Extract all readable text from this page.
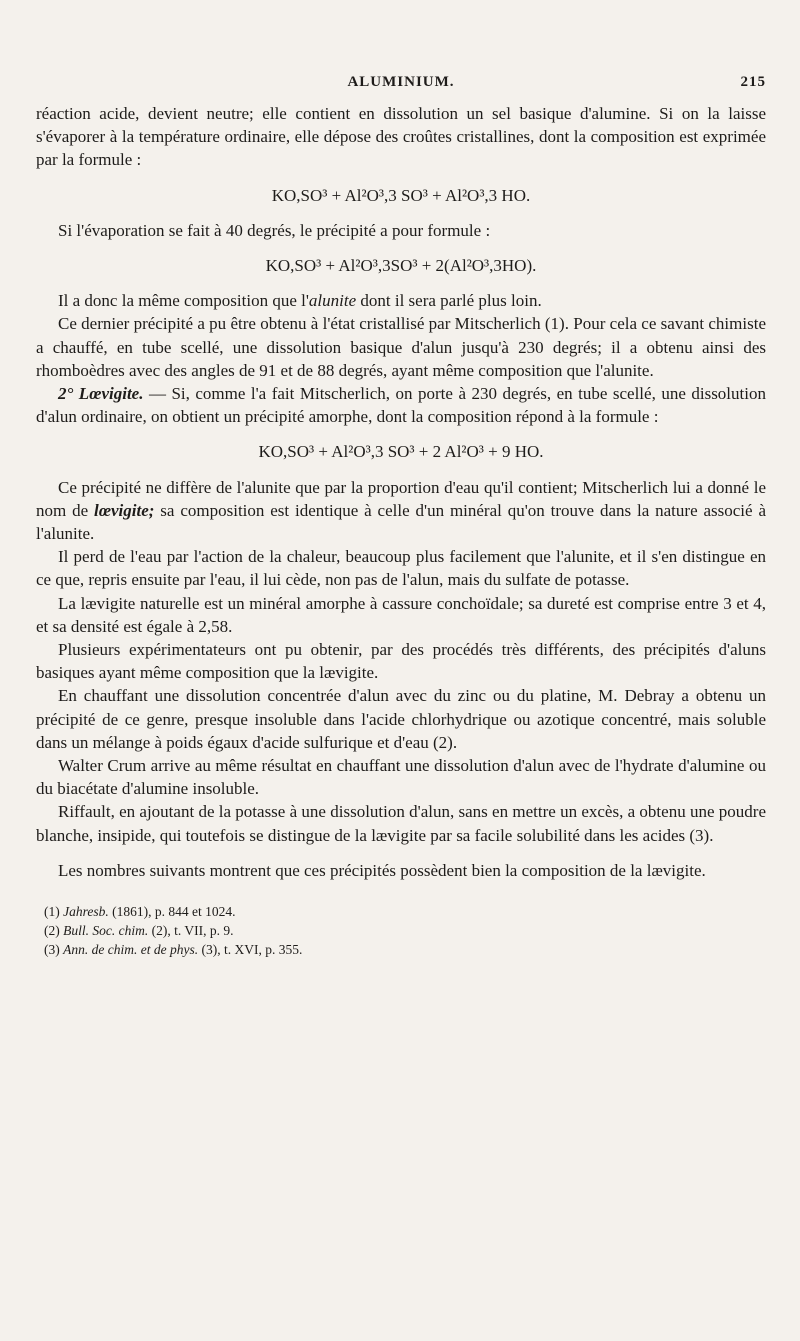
ALUMINIUM.	215

réaction acide, devient neutre; elle contient en dissolution un sel basique d'alumine. Si on la laisse s'évaporer à la température ordinaire, elle dépose des croûtes cristallines, dont la composition est exprimée par la formule :

KO,SO³ + Al²O³,3 SO³ + Al²O³,3 HO.

Si l'évaporation se fait à 40 degrés, le précipité a pour formule :

KO,SO³ + Al²O³,3SO³ + 2(Al²O³,3HO).

Il a donc la même composition que l'alunite dont il sera parlé plus loin.

Ce dernier précipité a pu être obtenu à l'état cristallisé par Mitscherlich (1). Pour cela ce savant chimiste a chauffé, en tube scellé, une dissolution basique d'alun jusqu'à 230 degrés; il a obtenu ainsi des rhomboèdres avec des angles de 91 et de 88 degrés, ayant même composition que l'alunite.

2° Lœvigite. — Si, comme l'a fait Mitscherlich, on porte à 230 degrés, en tube scellé, une dissolution d'alun ordinaire, on obtient un précipité amorphe, dont la composition répond à la formule :

KO,SO³ + Al²O³,3 SO³ + 2 Al²O³ + 9 HO.

Ce précipité ne diffère de l'alunite que par la proportion d'eau qu'il contient; Mitscherlich lui a donné le nom de lœvigite; sa composition est identique à celle d'un minéral qu'on trouve dans la nature associé à l'alunite.

Il perd de l'eau par l'action de la chaleur, beaucoup plus facilement que l'alunite, et il s'en distingue en ce que, repris ensuite par l'eau, il lui cède, non pas de l'alun, mais du sulfate de potasse.

La lævigite naturelle est un minéral amorphe à cassure conchoïdale; sa dureté est comprise entre 3 et 4, et sa densité est égale à 2,58.

Plusieurs expérimentateurs ont pu obtenir, par des procédés très différents, des précipités d'aluns basiques ayant même composition que la lævigite.

En chauffant une dissolution concentrée d'alun avec du zinc ou du platine, M. Debray a obtenu un précipité de ce genre, presque insoluble dans l'acide chlorhydrique ou azotique concentré, mais soluble dans un mélange à poids égaux d'acide sulfurique et d'eau (2).

Walter Crum arrive au même résultat en chauffant une dissolution d'alun avec de l'hydrate d'alumine ou du biacétate d'alumine insoluble.

Riffault, en ajoutant de la potasse à une dissolution d'alun, sans en mettre un excès, a obtenu une poudre blanche, insipide, qui toutefois se distingue de la lævigite par sa facile solubilité dans les acides (3).

Les nombres suivants montrent que ces précipités possèdent bien la composition de la lævigite.

(1) Jahresb. (1861), p. 844 et 1024.
(2) Bull. Soc. chim. (2), t. VII, p. 9.
(3) Ann. de chim. et de phys. (3), t. XVI, p. 355.
